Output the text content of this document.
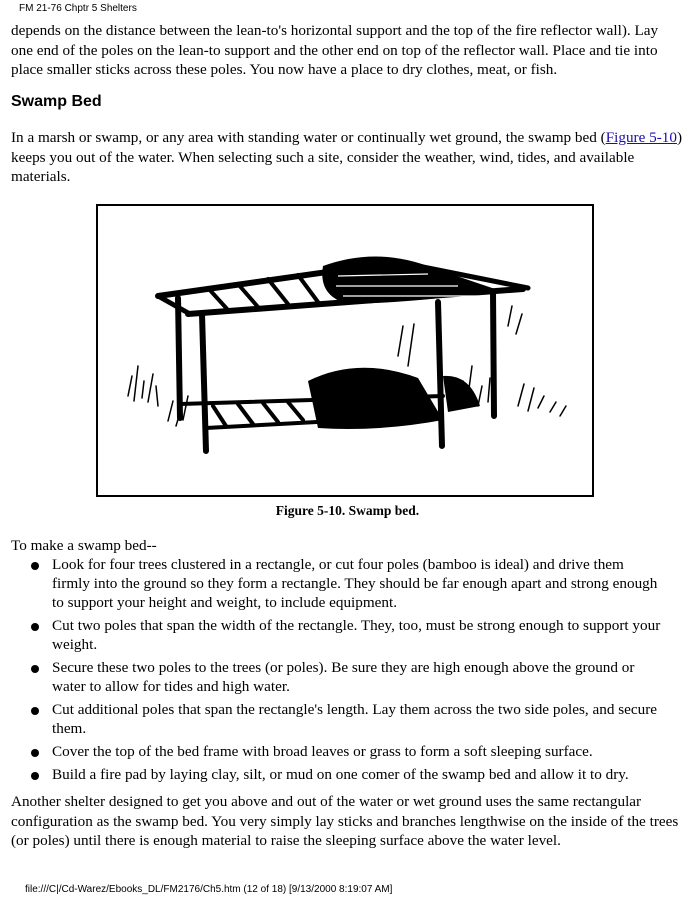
FM 21-76 Chptr 5 Shelters

depends on the distance between the lean-to's horizontal support and the top of the fire reflector wall). Lay one end of the poles on the lean-to support and the other end on top of the reflector wall. Place and tie into place smaller sticks across these poles. You now have a place to dry clothes, meat, or fish.

Swamp Bed

In a marsh or swamp, or any area with standing water or continually wet ground, the swamp bed (Figure 5-10) keeps you out of the water. When selecting such a site, consider the weather, wind, tides, and available materials.

Figure 5-10. Swamp bed.

To make a swamp bed--

Look for four trees clustered in a rectangle, or cut four poles (bamboo is ideal) and drive them firmly into the ground so they form a rectangle. They should be far enough apart and strong enough to support your height and weight, to include equipment.
Cut two poles that span the width of the rectangle. They, too, must be strong enough to support your weight.
Secure these two poles to the trees (or poles). Be sure they are high enough above the ground or water to allow for tides and high water.
Cut additional poles that span the rectangle's length. Lay them across the two side poles, and secure them.
Cover the top of the bed frame with broad leaves or grass to form a soft sleeping surface.
Build a fire pad by laying clay, silt, or mud on one comer of the swamp bed and allow it to dry.

Another shelter designed to get you above and out of the water or wet ground uses the same rectangular configuration as the swamp bed. You very simply lay sticks and branches lengthwise on the inside of the trees (or poles) until there is enough material to raise the sleeping surface above the water level.

file:///C|/Cd-Warez/Ebooks_DL/FM2176/Ch5.htm (12 of 18) [9/13/2000 8:19:07 AM]
